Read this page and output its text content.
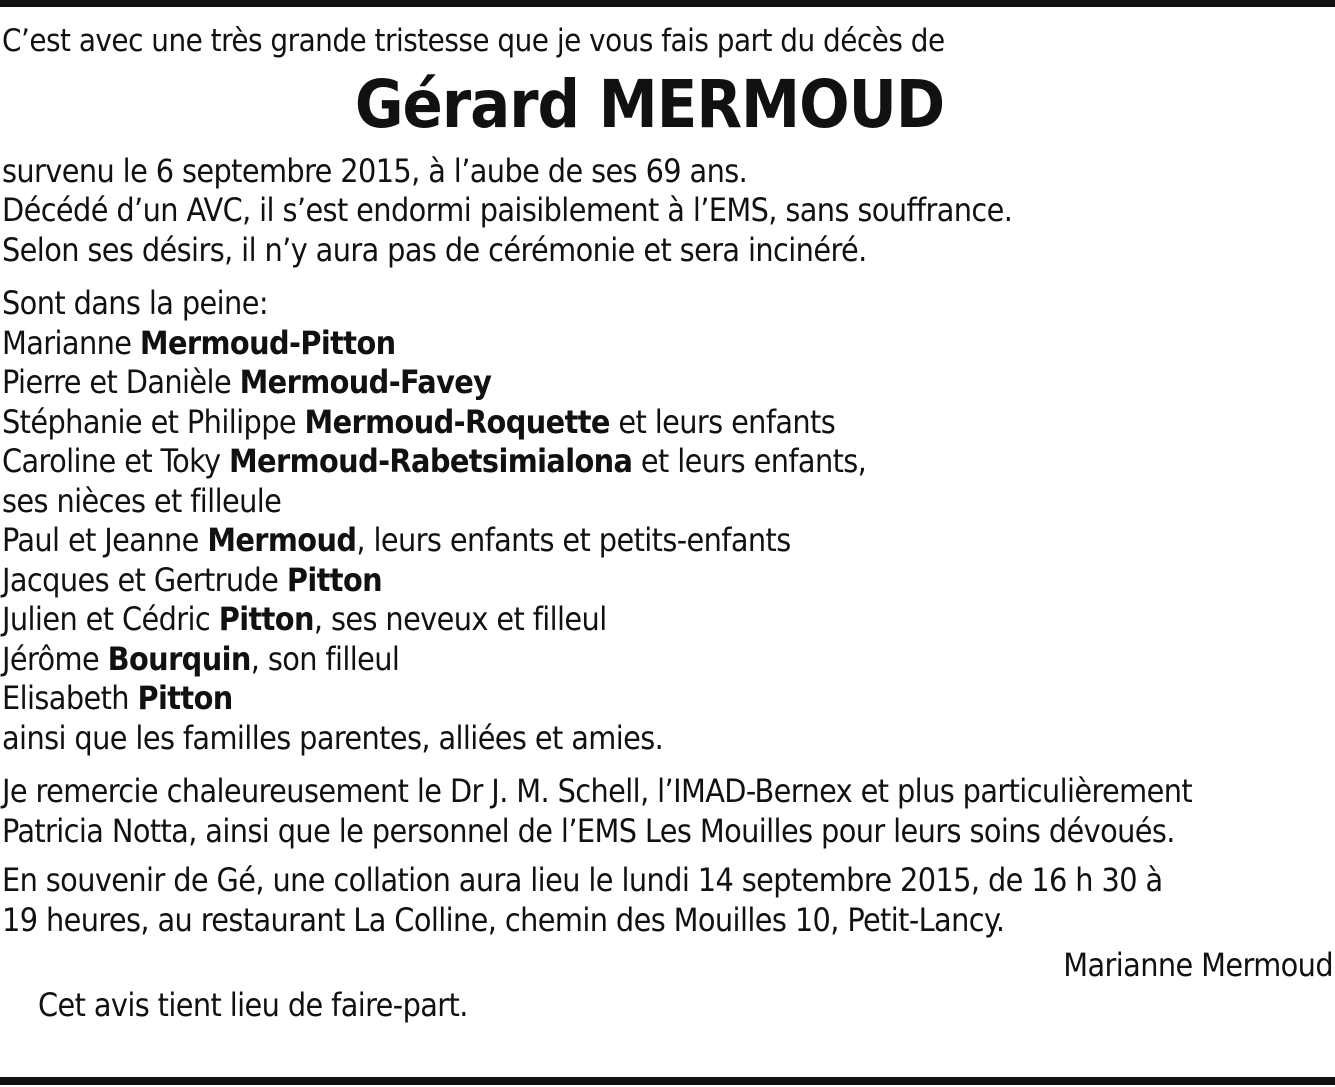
C’est avec une très grande tristesse que je vous fais part du décès de
Gérard MERMOUD
survenu le 6 septembre 2015, à l’aube de ses 69 ans.
Décédé d’un AVC, il s’est endormi paisiblement à l’EMS, sans souffrance.
Selon ses désirs, il n’y aura pas de cérémonie et sera incinéré.
Sont dans la peine:
Marianne Mermoud-Pitton
Pierre et Danièle Mermoud-Favey
Stéphanie et Philippe Mermoud-Roquette et leurs enfants
Caroline et Toky Mermoud-Rabetsimialona et leurs enfants,
ses nièces et filleule
Paul et Jeanne Mermoud, leurs enfants et petits-enfants
Jacques et Gertrude Pitton
Julien et Cédric Pitton, ses neveux et filleul
Jérôme Bourquin, son filleul
Elisabeth Pitton
ainsi que les familles parentes, alliées et amies.
Je remercie chaleureusement le Dr J. M. Schell, l’IMAD-Bernex et plus particulièrement
Patricia Notta, ainsi que le personnel de l’EMS Les Mouilles pour leurs soins dévoués.
En souvenir de Gé, une collation aura lieu le lundi 14 septembre 2015, de 16 h 30 à
19 heures, au restaurant La Colline, chemin des Mouilles 10, Petit-Lancy.
Marianne Mermoud
Cet avis tient lieu de faire-part.
